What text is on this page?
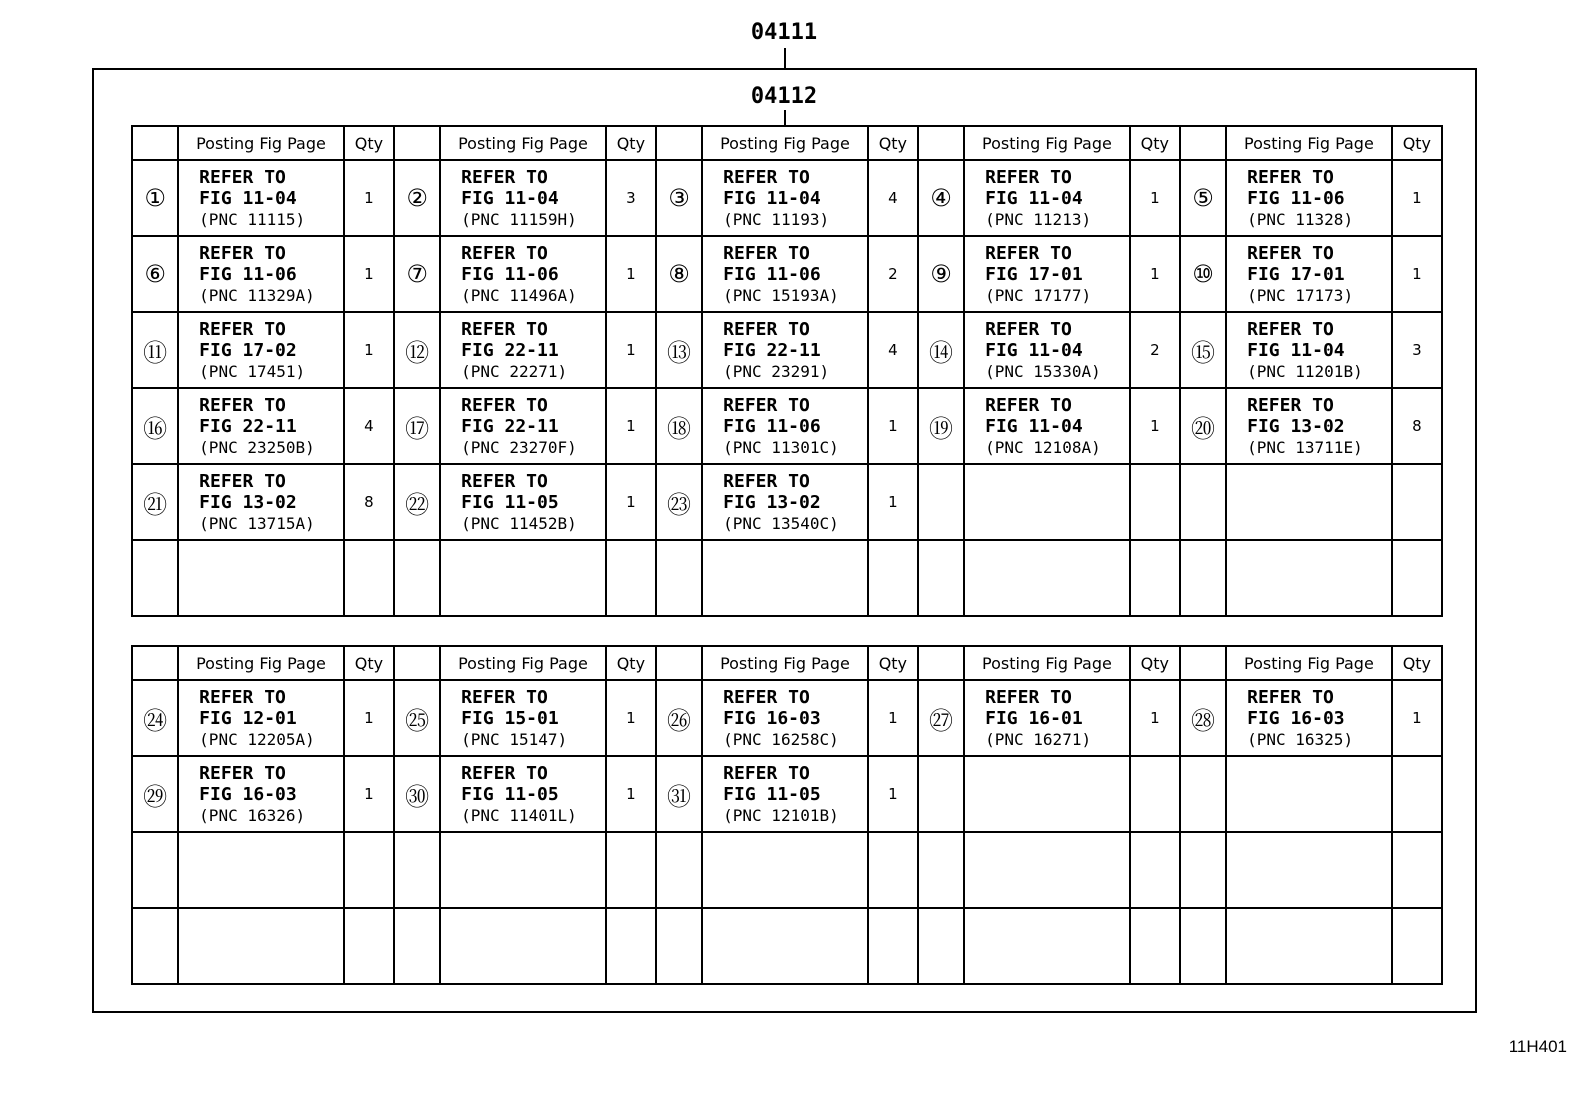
04111
04112
	Posting Fig Page	Qty		Posting Fig Page	Qty		Posting Fig Page	Qty		Posting Fig Page	Qty		Posting Fig Page	Qty
①	REFER TO
FIG 11-04
(PNC 11115)	1	②	REFER TO
FIG 11-04
(PNC 11159H)	3	③	REFER TO
FIG 11-04
(PNC 11193)	4	④	REFER TO
FIG 11-04
(PNC 11213)	1	⑤	REFER TO
FIG 11-06
(PNC 11328)	1
⑥	REFER TO
FIG 11-06
(PNC 11329A)	1	⑦	REFER TO
FIG 11-06
(PNC 11496A)	1	⑧	REFER TO
FIG 11-06
(PNC 15193A)	2	⑨	REFER TO
FIG 17-01
(PNC 17177)	1	⑩	REFER TO
FIG 17-01
(PNC 17173)	1
⑪	REFER TO
FIG 17-02
(PNC 17451)	1	⑫	REFER TO
FIG 22-11
(PNC 22271)	1	⑬	REFER TO
FIG 22-11
(PNC 23291)	4	⑭	REFER TO
FIG 11-04
(PNC 15330A)	2	⑮	REFER TO
FIG 11-04
(PNC 11201B)	3
⑯	REFER TO
FIG 22-11
(PNC 23250B)	4	⑰	REFER TO
FIG 22-11
(PNC 23270F)	1	⑱	REFER TO
FIG 11-06
(PNC 11301C)	1	⑲	REFER TO
FIG 11-04
(PNC 12108A)	1	⑳	REFER TO
FIG 13-02
(PNC 13711E)	8
㉑	REFER TO
FIG 13-02
(PNC 13715A)	8	㉒	REFER TO
FIG 11-05
(PNC 11452B)	1	㉓	REFER TO
FIG 13-02
(PNC 13540C)	1						

	Posting Fig Page	Qty		Posting Fig Page	Qty		Posting Fig Page	Qty		Posting Fig Page	Qty		Posting Fig Page	Qty
㉔	REFER TO
FIG 12-01
(PNC 12205A)	1	㉕	REFER TO
FIG 15-01
(PNC 15147)	1	㉖	REFER TO
FIG 16-03
(PNC 16258C)	1	㉗	REFER TO
FIG 16-01
(PNC 16271)	1	㉘	REFER TO
FIG 16-03
(PNC 16325)	1
㉙	REFER TO
FIG 16-03
(PNC 16326)	1	㉚	REFER TO
FIG 11-05
(PNC 11401L)	1	㉛	REFER TO
FIG 11-05
(PNC 12101B)	1						

11H401
